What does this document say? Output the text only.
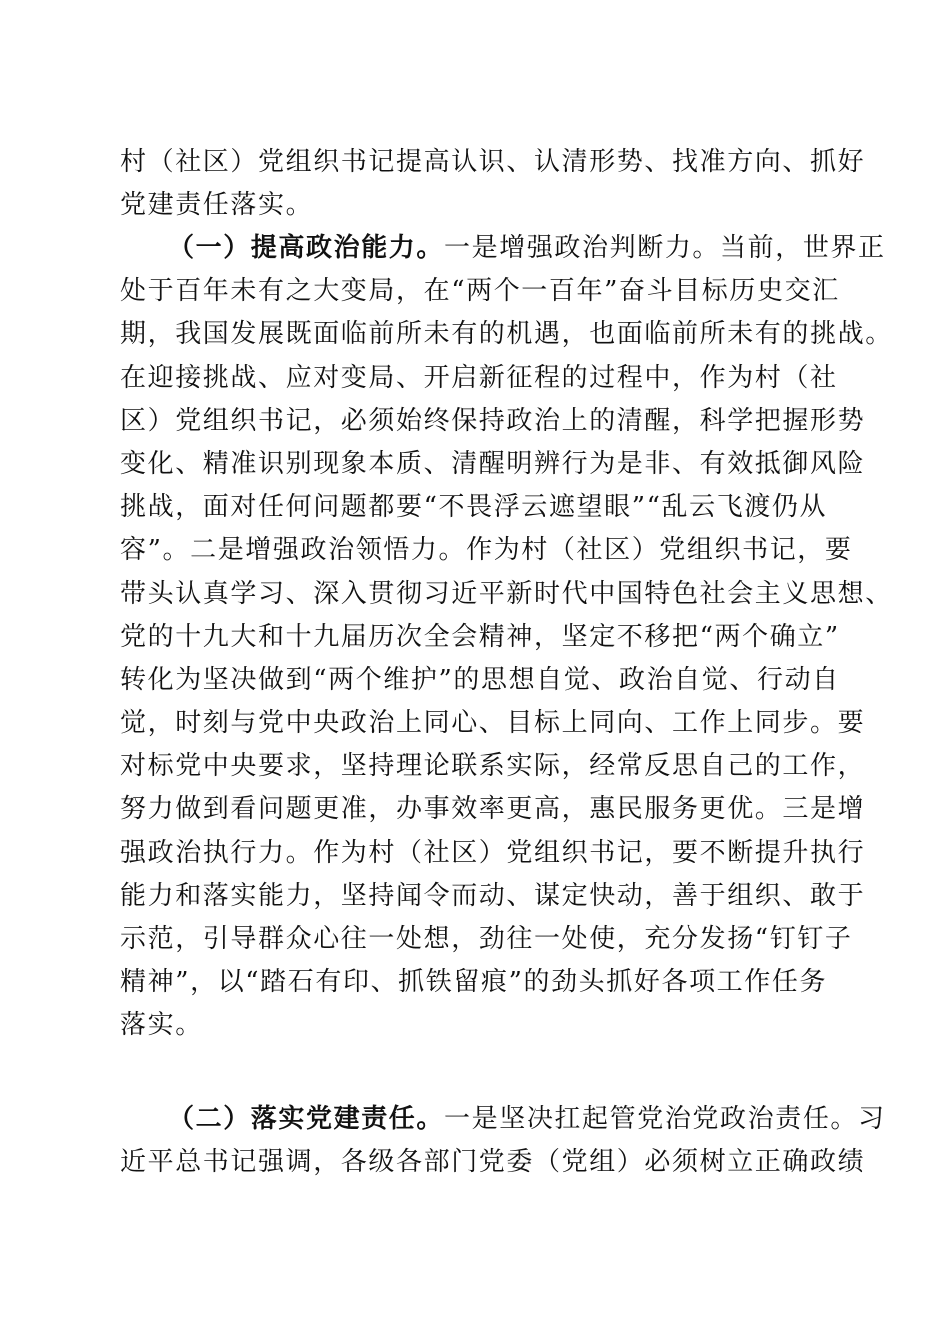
村（社区）党组织书记提高认识、认清形势、找准方向、抓好
党建责任落实。
（一）提高政治能力。一是增强政治判断力。当前，世界正
处于百年未有之大变局，在“两个一百年”奋斗目标历史交汇
期，我国发展既面临前所未有的机遇，也面临前所未有的挑战。
在迎接挑战、应对变局、开启新征程的过程中，作为村（社
区）党组织书记，必须始终保持政治上的清醒，科学把握形势
变化、精准识别现象本质、清醒明辨行为是非、有效抵御风险
挑战，面对任何问题都要“不畏浮云遮望眼”“乱云飞渡仍从
容”。二是增强政治领悟力。作为村（社区）党组织书记，要
带头认真学习、深入贯彻习近平新时代中国特色社会主义思想、
党的十九大和十九届历次全会精神，坚定不移把“两个确立”
转化为坚决做到“两个维护”的思想自觉、政治自觉、行动自
觉，时刻与党中央政治上同心、目标上同向、工作上同步。要
对标党中央要求，坚持理论联系实际，经常反思自己的工作，
努力做到看问题更准，办事效率更高，惠民服务更优。三是增
强政治执行力。作为村（社区）党组织书记，要不断提升执行
能力和落实能力，坚持闻令而动、谋定快动，善于组织、敢于
示范，引导群众心往一处想，劲往一处使，充分发扬“钉钉子
精神”，以“踏石有印、抓铁留痕”的劲头抓好各项工作任务
落实。
（二）落实党建责任。一是坚决扛起管党治党政治责任。习
近平总书记强调，各级各部门党委（党组）必须树立正确政绩
